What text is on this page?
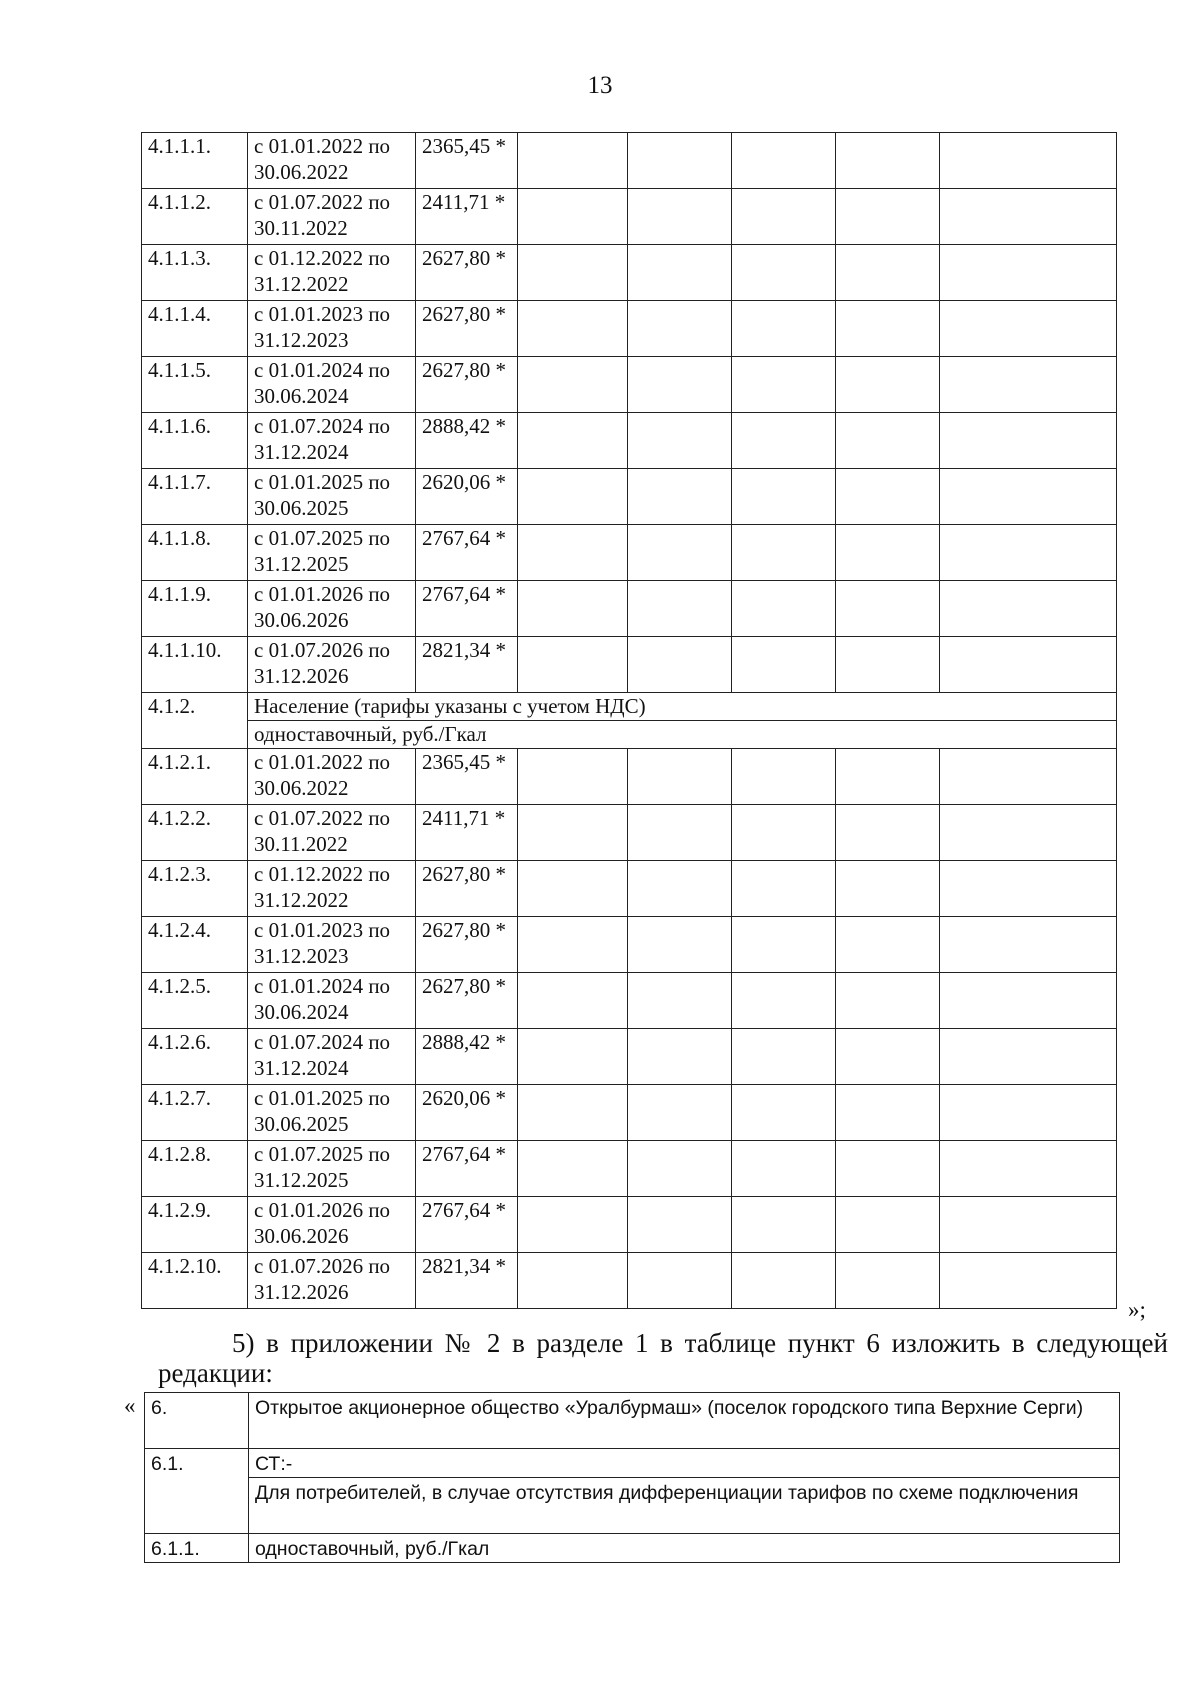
13
4.1.1.1.	с 01.01.2022 по 30.06.2022	2365,45 *					
4.1.1.2.	с 01.07.2022 по 30.11.2022	2411,71 *					
4.1.1.3.	с 01.12.2022 по 31.12.2022	2627,80 *					
4.1.1.4.	с 01.01.2023 по 31.12.2023	2627,80 *					
4.1.1.5.	с 01.01.2024 по 30.06.2024	2627,80 *					
4.1.1.6.	с 01.07.2024 по 31.12.2024	2888,42 *					
4.1.1.7.	с 01.01.2025 по 30.06.2025	2620,06 *					
4.1.1.8.	с 01.07.2025 по 31.12.2025	2767,64 *					
4.1.1.9.	с 01.01.2026 по 30.06.2026	2767,64 *					
4.1.1.10.	с 01.07.2026 по 31.12.2026	2821,34 *					
4.1.2.	Население (тарифы указаны с учетом НДС)						
	одноставочный, руб./Гкал						
4.1.2.1.	с 01.01.2022 по 30.06.2022	2365,45 *					
4.1.2.2.	с 01.07.2022 по 30.11.2022	2411,71 *					
4.1.2.3.	с 01.12.2022 по 31.12.2022	2627,80 *					
4.1.2.4.	с 01.01.2023 по 31.12.2023	2627,80 *					
4.1.2.5.	с 01.01.2024 по 30.06.2024	2627,80 *					
4.1.2.6.	с 01.07.2024 по 31.12.2024	2888,42 *					
4.1.2.7.	с 01.01.2025 по 30.06.2025	2620,06 *					
4.1.2.8.	с 01.07.2025 по 31.12.2025	2767,64 *					
4.1.2.9.	с 01.01.2026 по 30.06.2026	2767,64 *					
4.1.2.10.	с 01.07.2026 по 31.12.2026	2821,34 *					
»;
5) в приложении № 2 в разделе 1 в таблице пункт 6 изложить в следующей
редакции:
« 6.	Открытое акционерное общество «Уралбурмаш» (поселок городского типа Верхние Серги)
6.1.	СТ:-
	Для потребителей, в случае отсутствия дифференциации тарифов по схеме подключения
6.1.1.	одноставочный, руб./Гкал
